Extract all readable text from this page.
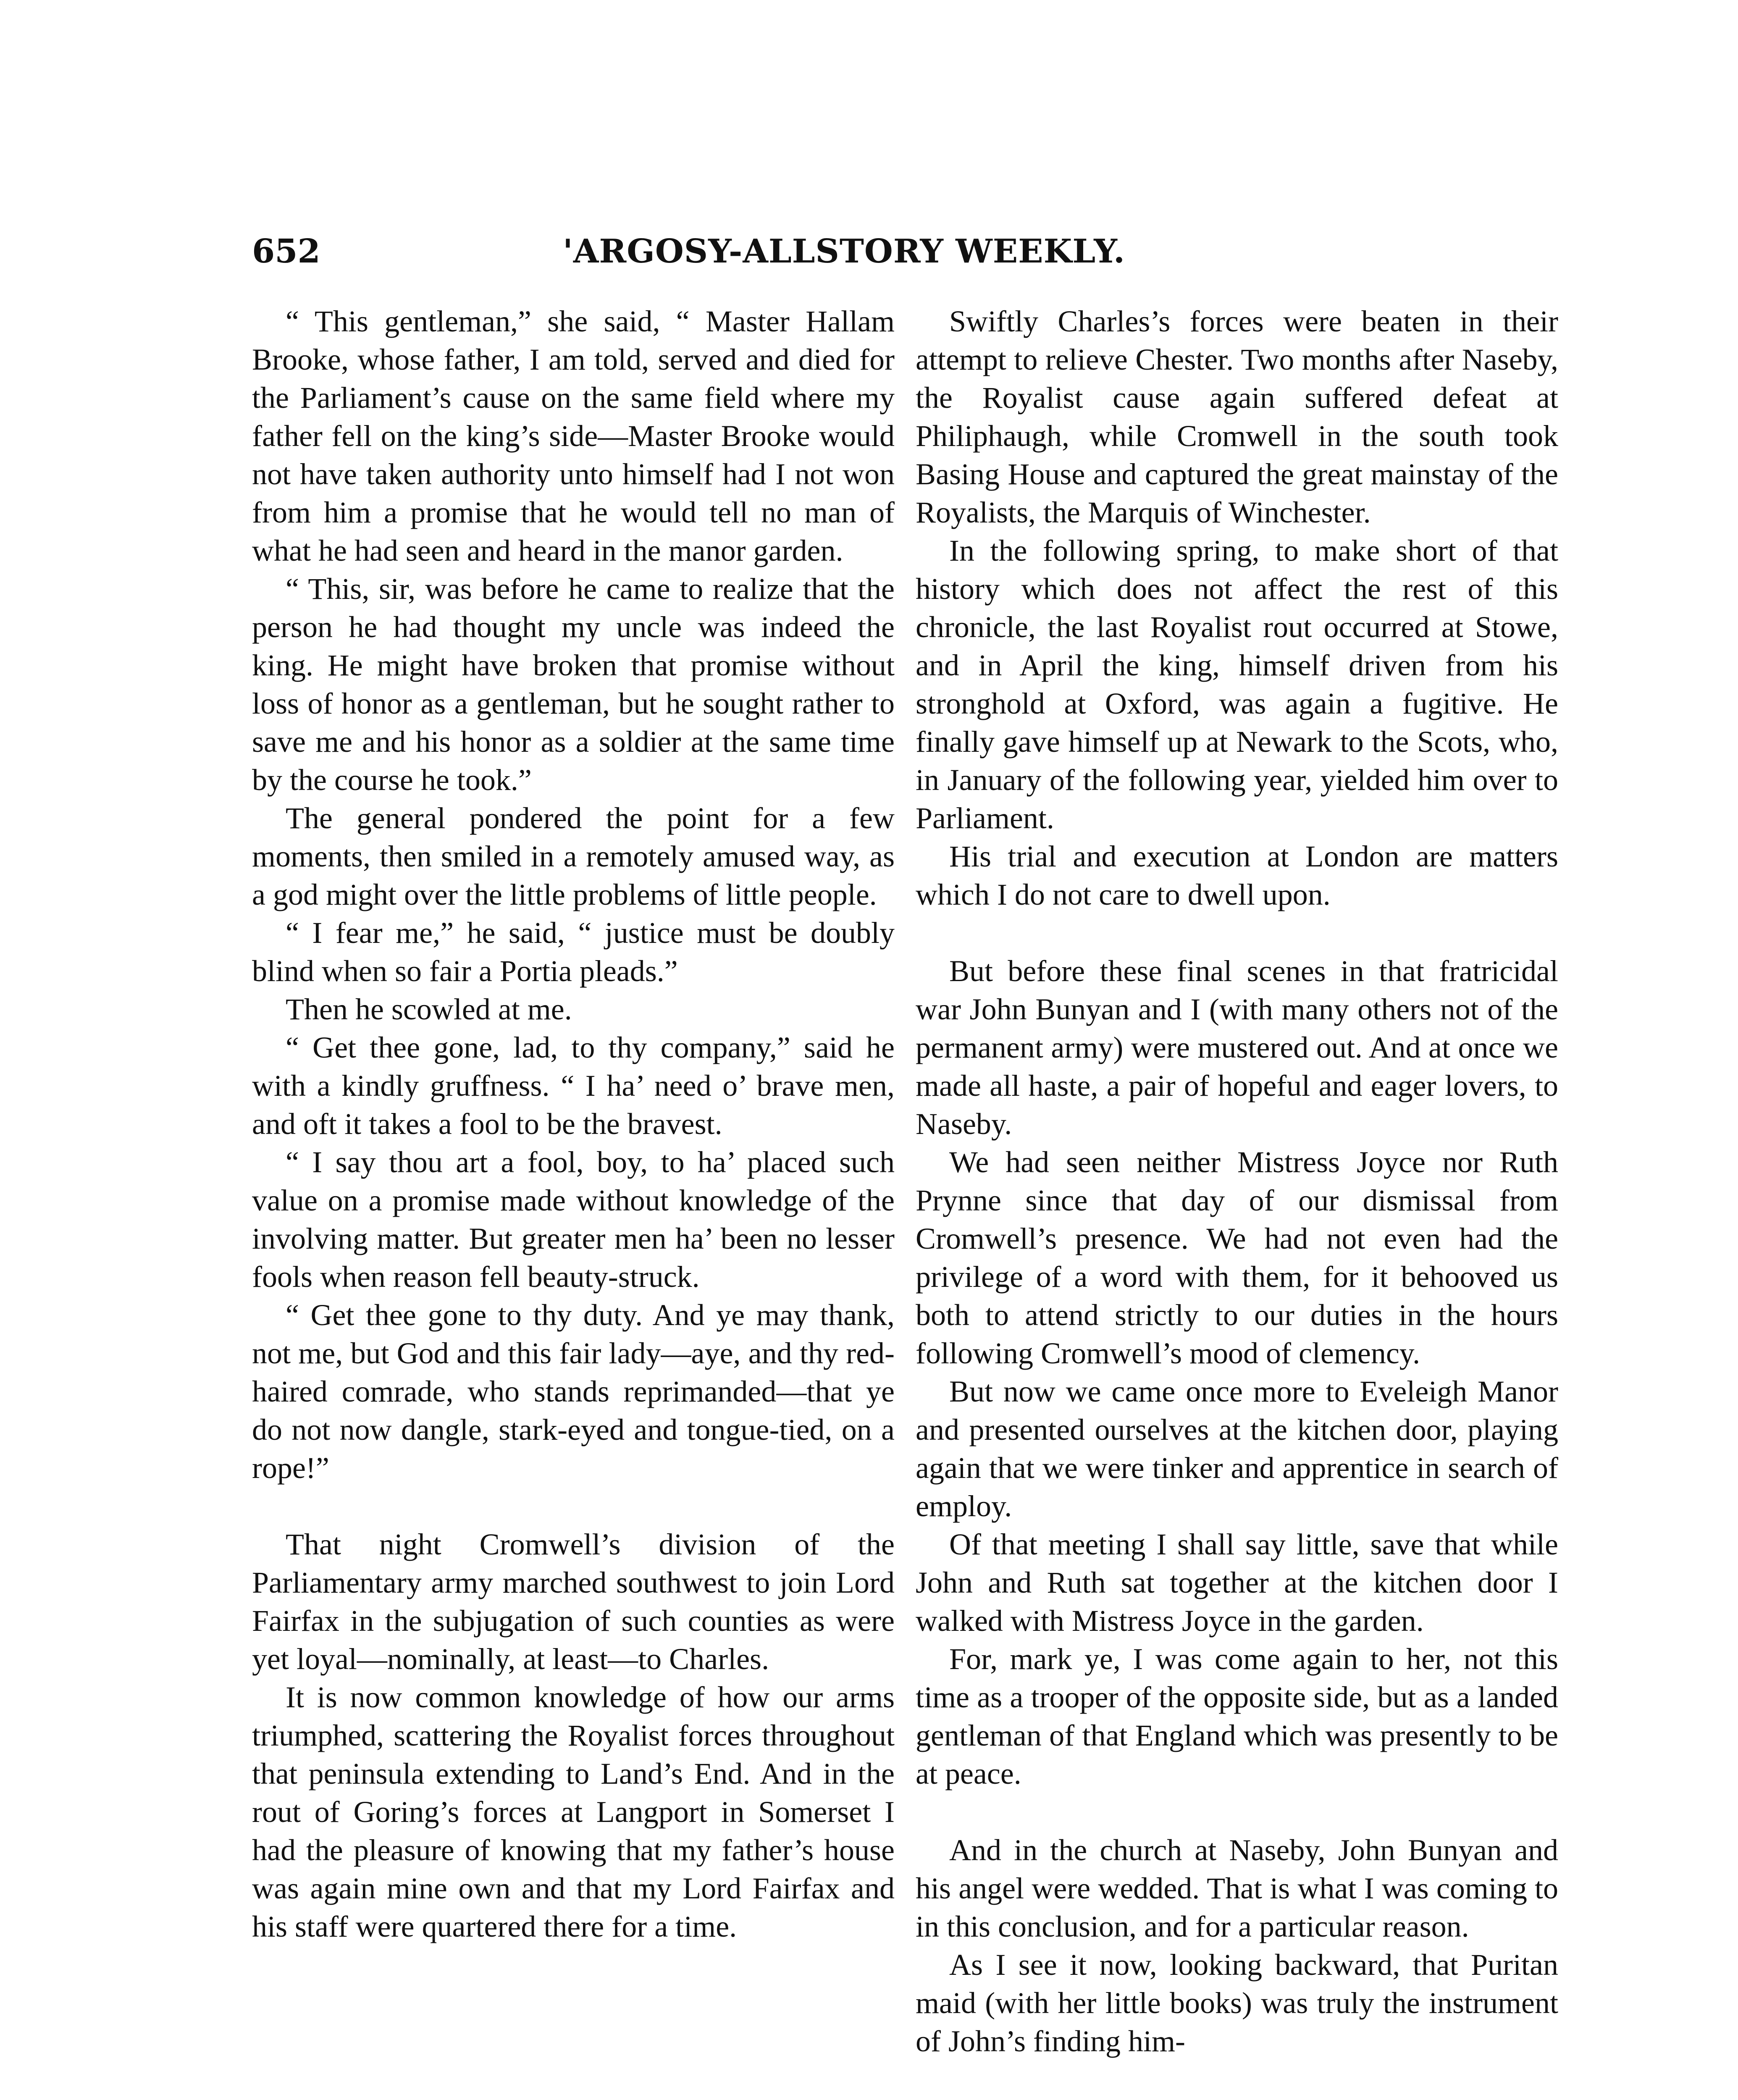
652	'ARGOSY-ALLSTORY WEEKLY.

“ This gentleman,” she said, “ Master Hallam Brooke, whose father, I am told, served and died for the Parliament’s cause on the same field where my father fell on the king’s side—Master Brooke would not have taken authority unto himself had I not won from him a promise that he would tell no man of what he had seen and heard in the manor garden.

“ This, sir, was before he came to realize that the person he had thought my uncle was indeed the king. He might have broken that promise without loss of honor as a gentleman, but he sought rather to save me and his honor as a soldier at the same time by the course he took.”

The general pondered the point for a few moments, then smiled in a remotely amused way, as a god might over the little problems of little people.

“ I fear me,” he said, “ justice must be doubly blind when so fair a Portia pleads.”

Then he scowled at me.

“ Get thee gone, lad, to thy company,” said he with a kindly gruffness. “ I ha’ need o’ brave men, and oft it takes a fool to be the bravest.

“ I say thou art a fool, boy, to ha’ placed such value on a promise made without knowledge of the involving matter. But greater men ha’ been no lesser fools when reason fell beauty-struck.

“ Get thee gone to thy duty. And ye may thank, not me, but God and this fair lady—aye, and thy red-haired comrade, who stands reprimanded—that ye do not now dangle, stark-eyed and tongue-tied, on a rope!”

That night Cromwell’s division of the Parliamentary army marched southwest to join Lord Fairfax in the subjugation of such counties as were yet loyal—nominally, at least—to Charles.

It is now common knowledge of how our arms triumphed, scattering the Royalist forces throughout that peninsula extending to Land’s End. And in the rout of Goring’s forces at Langport in Somerset I had the pleasure of knowing that my father’s house was again mine own and that my Lord Fairfax and his staff were quartered there for a time.

Swiftly Charles’s forces were beaten in their attempt to relieve Chester. Two months after Naseby, the Royalist cause again suffered defeat at Philiphaugh, while Cromwell in the south took Basing House and captured the great mainstay of the Royalists, the Marquis of Winchester.

In the following spring, to make short of that history which does not affect the rest of this chronicle, the last Royalist rout occurred at Stowe, and in April the king, himself driven from his stronghold at Oxford, was again a fugitive. He finally gave himself up at Newark to the Scots, who, in January of the following year, yielded him over to Parliament.

His trial and execution at London are matters which I do not care to dwell upon.

But before these final scenes in that fratricidal war John Bunyan and I (with many others not of the permanent army) were mustered out. And at once we made all haste, a pair of hopeful and eager lovers, to Naseby.

We had seen neither Mistress Joyce nor Ruth Prynne since that day of our dismissal from Cromwell’s presence. We had not even had the privilege of a word with them, for it behooved us both to attend strictly to our duties in the hours following Cromwell’s mood of clemency.

But now we came once more to Eveleigh Manor and presented ourselves at the kitchen door, playing again that we were tinker and apprentice in search of employ.

Of that meeting I shall say little, save that while John and Ruth sat together at the kitchen door I walked with Mistress Joyce in the garden.

For, mark ye, I was come again to her, not this time as a trooper of the opposite side, but as a landed gentleman of that England which was presently to be at peace.

And in the church at Naseby, John Bunyan and his angel were wedded. That is what I was coming to in this conclusion, and for a particular reason.

As I see it now, looking backward, that Puritan maid (with her little books) was truly the instrument of John’s finding him-
